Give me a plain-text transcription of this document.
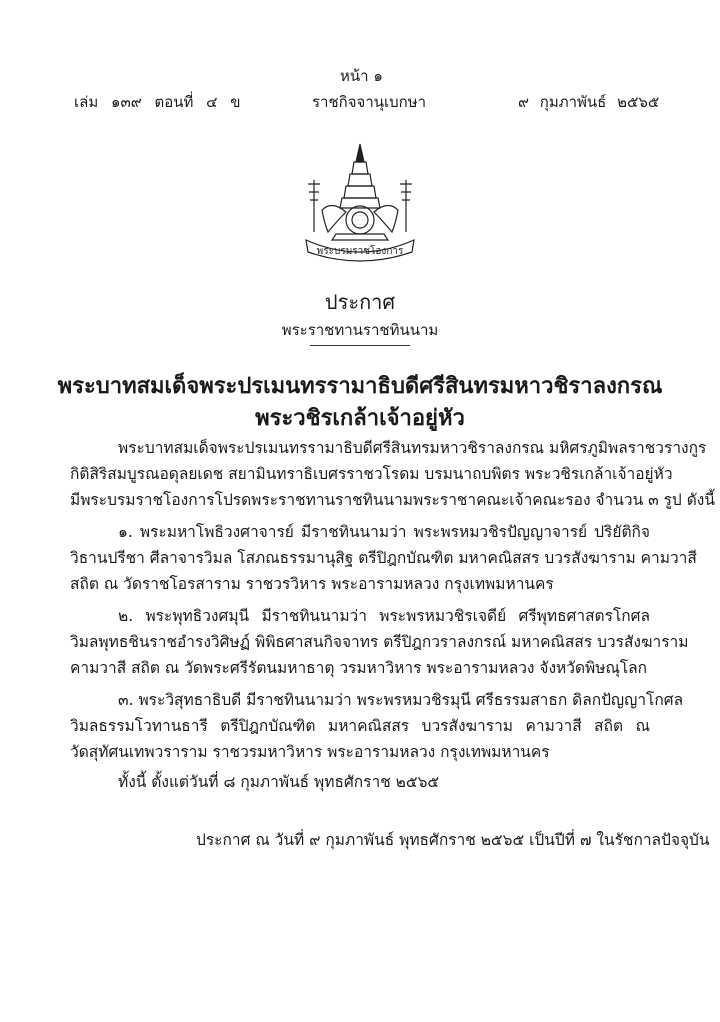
หน้า ๑
เล่ม ๑๓๙ ตอนที่ ๔ ข	ราชกิจจานุเบกษา	๙ กุมภาพันธ์ ๒๕๖๕
พระบรมราชโองการ
ประกาศ
พระราชทานราชทินนาม
พระบาทสมเด็จพระปรเมนทรรามาธิบดีศรีสินทรมหาวชิราลงกรณ
พระวชิรเกล้าเจ้าอยู่หัว
พระบาทสมเด็จพระปรเมนทรรามาธิบดีศรีสินทรมหาวชิราลงกรณ มหิศรภูมิพลราชวรางกูร
กิติสิริสมบูรณอดุลยเดช สยามินทราธิเบศรราชวโรดม บรมนาถบพิตร พระวชิรเกล้าเจ้าอยู่หัว
มีพระบรมราชโองการโปรดพระราชทานราชทินนามพระราชาคณะเจ้าคณะรอง จำนวน ๓ รูป ดังนี้
๑. พระมหาโพธิวงศาจารย์ มีราชทินนามว่า พระพรหมวชิรปัญญาจารย์ ปริยัติกิจ
วิธานปรีชา ศีลาจารวิมล โสภณธรรมานุสิฐ ตรีปิฎกบัณฑิต มหาคณิสสร บวรสังฆาราม คามวาสี
สถิต ณ วัดราชโอรสาราม ราชวรวิหาร พระอารามหลวง กรุงเทพมหานคร
๒. พระพุทธิวงศมุนี มีราชทินนามว่า พระพรหมวชิรเจดีย์ ศรีพุทธศาสตรโกศล
วิมลพุทธชินราชอำรงวิศิษฏ์ พิพิธศาสนกิจจาทร ตรีปิฎกวราลงกรณ์ มหาคณิสสร บวรสังฆาราม
คามวาสี สถิต ณ วัดพระศรีรัตนมหาธาตุ วรมหาวิหาร พระอารามหลวง จังหวัดพิษณุโลก
๓. พระวิสุทธาธิบดี มีราชทินนามว่า พระพรหมวชิรมุนี ศรีธรรมสาธก ดิลกปัญญาโกศล
วิมลธรรมโวทานธารี ตรีปิฎกบัณฑิต มหาคณิสสร บวรสังฆาราม คามวาสี สถิต ณ
วัดสุทัศนเทพวราราม ราชวรมหาวิหาร พระอารามหลวง กรุงเทพมหานคร
ทั้งนี้ ตั้งแต่วันที่ ๘ กุมภาพันธ์ พุทธศักราช ๒๕๖๕
ประกาศ ณ วันที่ ๙ กุมภาพันธ์ พุทธศักราช ๒๕๖๕ เป็นปีที่ ๗ ในรัชกาลปัจจุบัน
